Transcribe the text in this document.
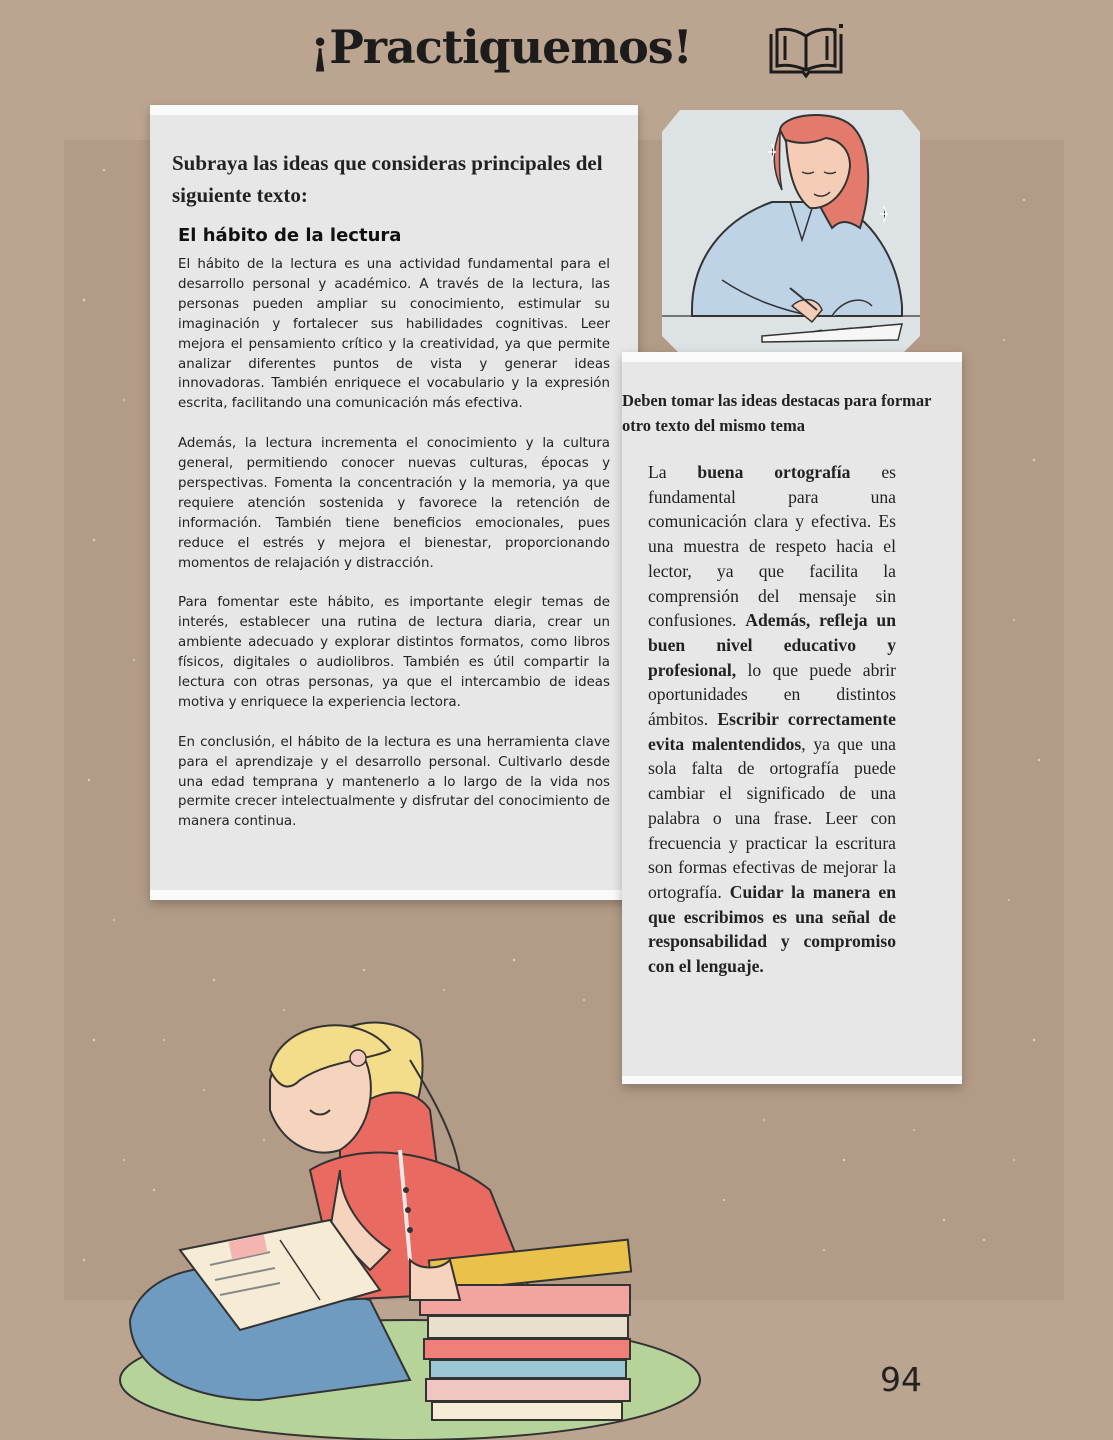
¡Practiquemos!
Subraya las ideas que consideras principales del siguiente texto:
El hábito de la lectura

El hábito de la lectura es una actividad fundamental para el desarrollo personal y académico. A través de la lectura, las personas pueden ampliar su conocimiento, estimular su imaginación y fortalecer sus habilidades cognitivas. Leer mejora el pensamiento crítico y la creatividad, ya que permite analizar diferentes puntos de vista y generar ideas innovadoras. También enriquece el vocabulario y la expresión escrita, facilitando una comunicación más efectiva.

Además, la lectura incrementa el conocimiento y la cultura general, permitiendo conocer nuevas culturas, épocas y perspectivas. Fomenta la concentración y la memoria, ya que requiere atención sostenida y favorece la retención de información. También tiene beneficios emocionales, pues reduce el estrés y mejora el bienestar, proporcionando momentos de relajación y distracción.

Para fomentar este hábito, es importante elegir temas de interés, establecer una rutina de lectura diaria, crear un ambiente adecuado y explorar distintos formatos, como libros físicos, digitales o audiolibros. También es útil compartir la lectura con otras personas, ya que el intercambio de ideas motiva y enriquece la experiencia lectora.

En conclusión, el hábito de la lectura es una herramienta clave para el aprendizaje y el desarrollo personal. Cultivarlo desde una edad temprana y mantenerlo a lo largo de la vida nos permite crecer intelectualmente y disfrutar del conocimiento de manera continua.

Deben tomar las ideas destacas para formar otro texto del mismo tema
La buena ortografía es fundamental para una comunicación clara y efectiva. Es una muestra de respeto hacia el lector, ya que facilita la comprensión del mensaje sin confusiones. Además, refleja un buen nivel educativo y profesional, lo que puede abrir oportunidades en distintos ámbitos. Escribir correctamente evita malentendidos, ya que una sola falta de ortografía puede cambiar el significado de una palabra o una frase. Leer con frecuencia y practicar la escritura son formas efectivas de mejorar la ortografía. Cuidar la manera en que escribimos es una señal de responsabilidad y compromiso con el lenguaje.
94
